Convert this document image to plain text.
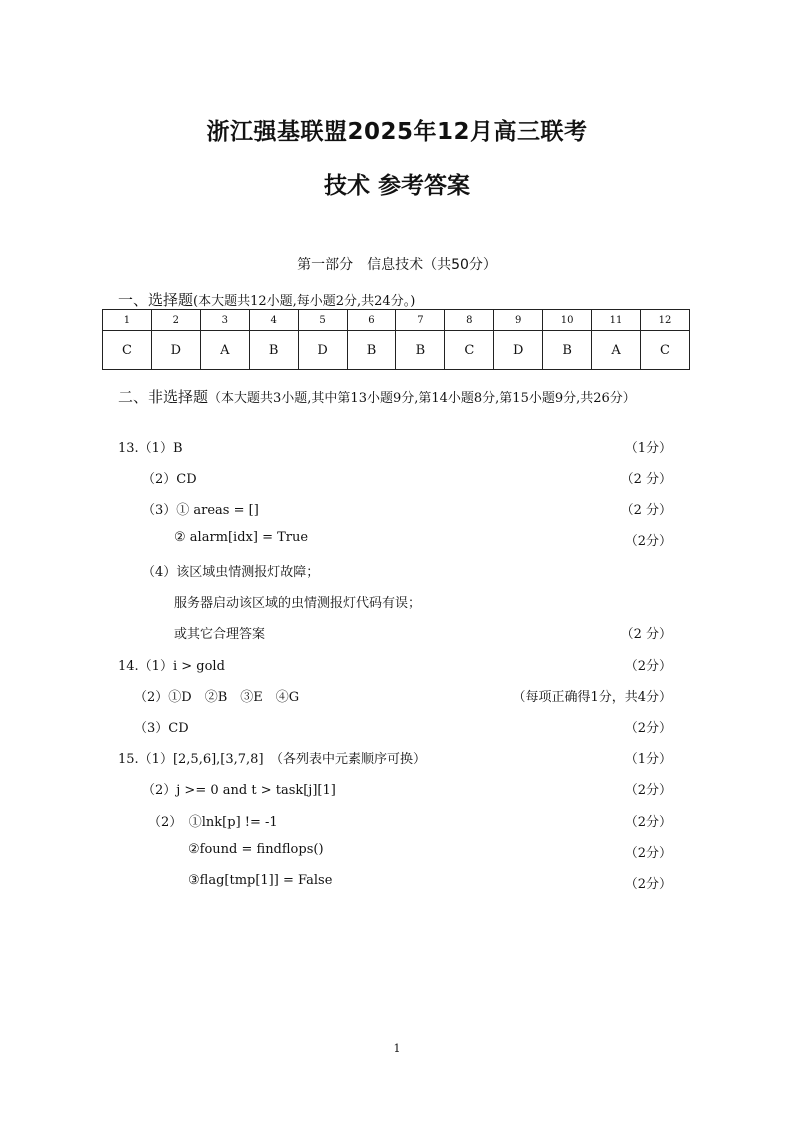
浙江强基联盟2025年12月高三联考
技术 参考答案
第一部分　信息技术（共50分）
一、选择题(本大题共12小题,每小题2分,共24分。)
1	2	3	4	5	6	7	8	9	10	11	12
C	D	A	B	D	B	B	C	D	B	A	C
二、非选择题（本大题共3小题,其中第13小题9分,第14小题8分,第15小题9分,共26分）
13.（1）B	（1分）
（2）CD	（2 分）
（3）① areas = []	（2 分）
② alarm[idx] = True	（2分）
（4）该区域虫情测报灯故障；
服务器启动该区域的虫情测报灯代码有误；
或其它合理答案	（2 分）
14.（1）i > gold	（2分）
（2）①D　②B　③E　④G	（每项正确得1分，共4分）
（3）CD	（2分）
15.（1）[2,5,6],[3,7,8]　（各列表中元素顺序可换）	（1分）
（2）j >= 0 and t > task[j][1]	（2分）
（2）　①lnk[p] != -1	（2分）
②found = findflops()	（2分）
③flag[tmp[1]] = False	（2分）
1
